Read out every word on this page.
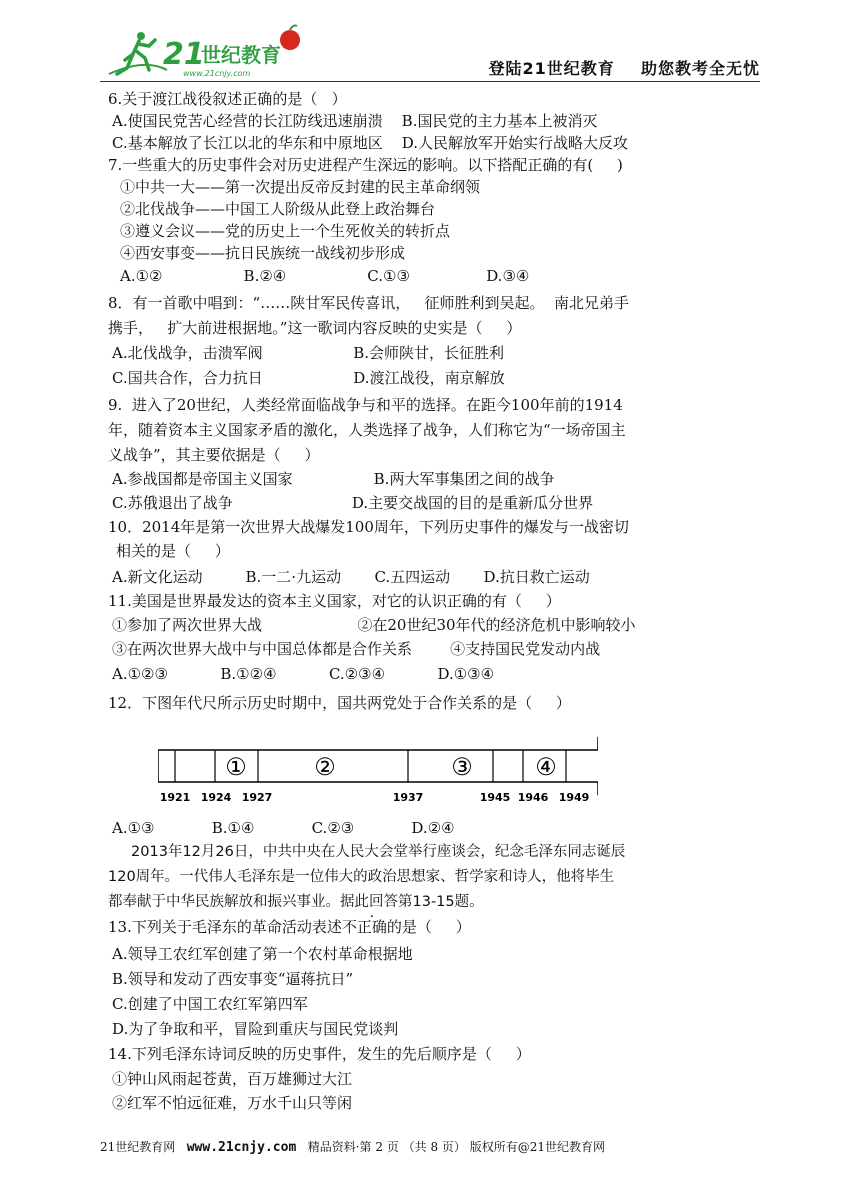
21
世纪教育
www.21cnjy.com	登陆21世纪教育    助您教考全无忧
6.关于渡江战役叙述正确的是（   ）
A.使国民党苦心经营的长江防线迅速崩溃    B.国民党的主力基本上被消灭
C.基本解放了长江以北的华东和中原地区    D.人民解放军开始实行战略大反攻
7.一些重大的历史事件会对历史进程产生深远的影响。以下搭配正确的有(     )
①中共一大——第一次提出反帝反封建的民主革命纲领
②北伐战争——中国工人阶级从此登上政治舞台
③遵义会议——党的历史上一个生死攸关的转折点
④西安事变——抗日民族统一战线初步形成
A.①②                 B.②④                 C.①③                D.③④
8．有一首歌中唱到：“……陕甘军民传喜讯，   征师胜利到吴起。  南北兄弟手
携手，   扩大前进根据地。”这一歌词内容反映的史实是（     ）
A.北伐战争，击溃军阀                   B.会师陕甘，长征胜利
C.国共合作，合力抗日                   D.渡江战役，南京解放
9.  进入了20世纪，人类经常面临战争与和平的选择。在距今100年前的1914
年，随着资本主义国家矛盾的激化，人类选择了战争，人们称它为“一场帝国主
义战争”，其主要依据是（     ）
A.参战国都是帝国主义国家                 B.两大军事集团之间的战争
C.苏俄退出了战争                         D.主要交战国的目的是重新瓜分世界
10．2014年是第一次世界大战爆发100周年，下列历史事件的爆发与一战密切
相关的是（     ）
A.新文化运动         B.一二·九运动       C.五四运动       D.抗日救亡运动
11.美国是世界最发达的资本主义国家，对它的认识正确的有（     ）
①参加了两次世界大战                    ②在20世纪30年代的经济危机中影响较小
③在两次世界大战中与中国总体都是合作关系        ④支持国民党发动内战
A.①②③           B.①②④           C.②③④           D.①③④
12．下图年代尺所示历史时期中，国共两党处于合作关系的是（     ）
A.①③            B.①④            C.②③            D.②④
2013年12月26日，中共中央在人民大会堂举行座谈会，纪念毛泽东同志诞辰
120周年。一代伟人毛泽东是一位伟大的政治思想家、哲学家和诗人，他将毕生
都奉献于中华民族解放和振兴事业。据此回答第13-15题。
13.下列关于毛泽东的革命活动表述不正确的是（     ）
A.领导工农红军创建了第一个农村革命根据地
B.领导和发动了西安事变“逼蒋抗日”
C.创建了中国工农红军第四军
D.为了争取和平，冒险到重庆与国民党谈判
14.下列毛泽东诗词反映的历史事件，发生的先后顺序是（     ）
①钟山风雨起苍黄，百万雄狮过大江
②红军不怕远征难，万水千山只等闲
①	②	③	④
1921 1924 1927	1937	1945 1946 1949
21世纪教育网   www.21cnjy.com   精品资料·第 2 页 （共 8 页） 版权所有@21世纪教育网
